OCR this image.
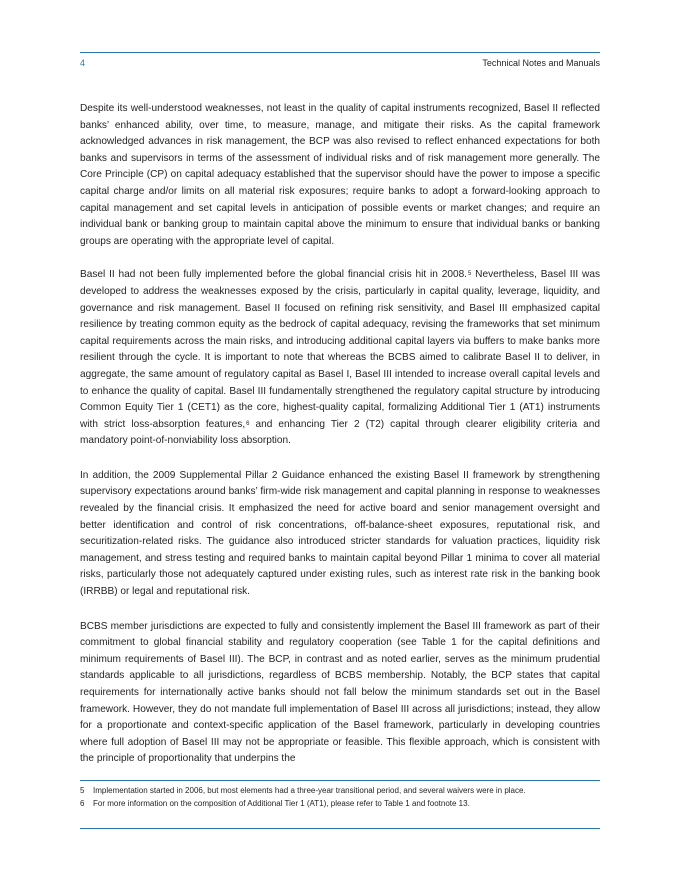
4	Technical Notes and Manuals

Despite its well-understood weaknesses, not least in the quality of capital instruments recognized, Basel II reflected banks’ enhanced ability, over time, to measure, manage, and mitigate their risks. As the capital framework acknowledged advances in risk management, the BCP was also revised to reflect enhanced expectations for both banks and supervisors in terms of the assessment of individual risks and of risk management more generally. The Core Principle (CP) on capital adequacy established that the supervisor should have the power to impose a specific capital charge and/or limits on all material risk exposures; require banks to adopt a forward-looking approach to capital management and set capital levels in anticipation of possible events or market changes; and require an individual bank or banking group to maintain capital above the minimum to ensure that individual banks or banking groups are operating with the appropriate level of capital.

Basel II had not been fully implemented before the global financial crisis hit in 2008.$^5$ Nevertheless, Basel III was developed to address the weaknesses exposed by the crisis, particularly in capital quality, leverage, liquidity, and governance and risk management. Basel II focused on refining risk sensitivity, and Basel III emphasized capital resilience by treating common equity as the bedrock of capital adequacy, revising the frameworks that set minimum capital requirements across the main risks, and introducing additional capital layers via buffers to make banks more resilient through the cycle. It is important to note that whereas the BCBS aimed to calibrate Basel II to deliver, in aggregate, the same amount of regulatory capital as Basel I, Basel III intended to increase overall capital levels and to enhance the quality of capital. Basel III fundamentally strengthened the regulatory capital structure by introducing Common Equity Tier 1 (CET1) as the core, highest-quality capital, formalizing Additional Tier 1 (AT1) instruments with strict loss-absorption features,$^6$ and enhancing Tier 2 (T2) capital through clearer eligibility criteria and mandatory point-of-nonviability loss absorption.

In addition, the 2009 Supplemental Pillar 2 Guidance enhanced the existing Basel II framework by strengthening supervisory expectations around banks’ firm-wide risk management and capital planning in response to weaknesses revealed by the financial crisis. It emphasized the need for active board and senior management oversight and better identification and control of risk concentrations, off-balance-sheet exposures, reputational risk, and securitization-related risks. The guidance also introduced stricter standards for valuation practices, liquidity risk management, and stress testing and required banks to maintain capital beyond Pillar 1 minima to cover all material risks, particularly those not adequately captured under existing rules, such as interest rate risk in the banking book (IRRBB) or legal and reputational risk.

BCBS member jurisdictions are expected to fully and consistently implement the Basel III framework as part of their commitment to global financial stability and regulatory cooperation (see Table 1 for the capital definitions and minimum requirements of Basel III). The BCP, in contrast and as noted earlier, serves as the minimum prudential standards applicable to all jurisdictions, regardless of BCBS membership. Notably, the BCP states that capital requirements for internationally active banks should not fall below the minimum standards set out in the Basel framework. However, they do not mandate full implementation of Basel III across all jurisdictions; instead, they allow for a proportionate and context-specific application of the Basel framework, particularly in developing countries where full adoption of Basel III may not be appropriate or feasible. This flexible approach, which is consistent with the principle of proportionality that underpins the

5 Implementation started in 2006, but most elements had a three-year transitional period, and several waivers were in place.
6 For more information on the composition of Additional Tier 1 (AT1), please refer to Table 1 and footnote 13.
